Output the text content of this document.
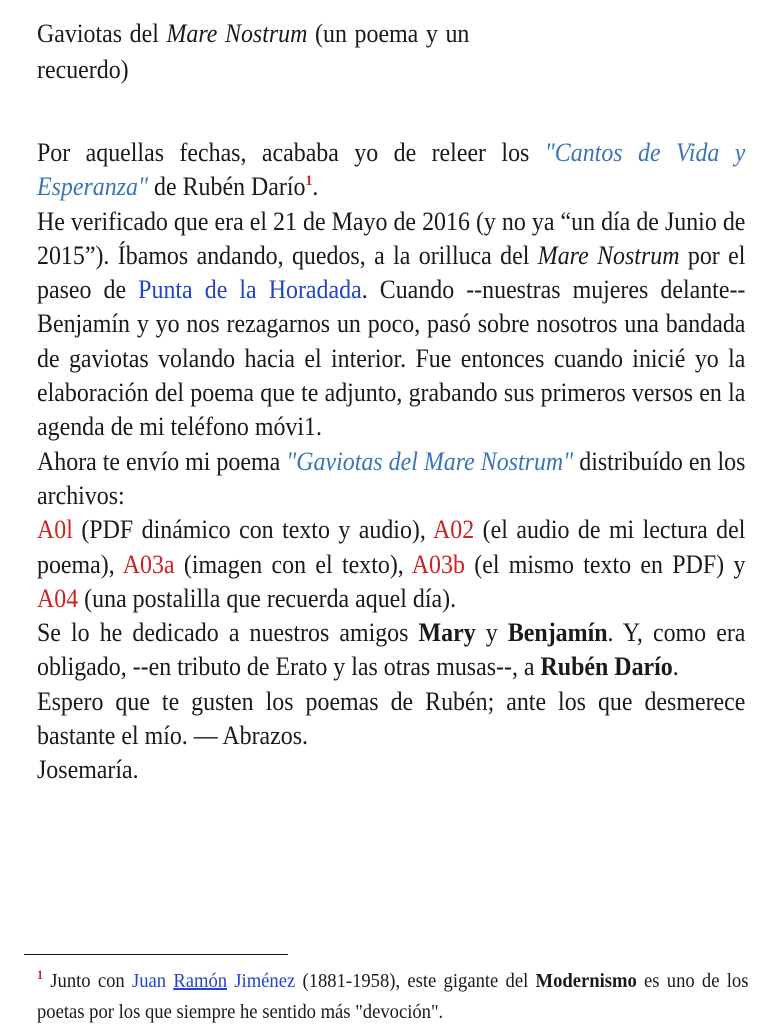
Gaviotas del Mare Nostrum (un poema y un recuerdo)

Por aquellas fechas, acababa yo de releer los "Cantos de Vida y Esperanza" de Rubén Darío$^1$.

He verificado que era el 21 de Mayo de 2016 (y no ya “un día de Junio de 2015”). Íbamos andando, quedos, a la orilluca del Mare Nostrum por el paseo de Punta de la Horadada. Cuando --nuestras mujeres delante-- Benjamín y yo nos rezagarnos un poco, pasó sobre nosotros una bandada de gaviotas volando hacia el interior. Fue entonces cuando inicié yo la elaboración del poema que te adjunto, grabando sus primeros versos en la agenda de mi teléfono móvi1.

Ahora te envío mi poema "Gaviotas del Mare Nostrum" distribuído en los archivos:

A0l (PDF dinámico con texto y audio), A02 (el audio de mi lectura del poema), A03a (imagen con el texto), A03b (el mismo texto en PDF) y A04 (una postalilla que recuerda aquel día).

Se lo he dedicado a nuestros amigos Mary y Benjamín. Y, como era obligado, --en tributo de Erato y las otras musas--, a Rubén Darío.

Espero que te gusten los poemas de Rubén; ante los que desmerece bastante el mío. — Abrazos.

Josemaría.

$^1$ Junto con Juan Ramón Jiménez (1881-1958), este gigante del Modernismo es uno de los poetas por los que siempre he sentido más "devoción".
